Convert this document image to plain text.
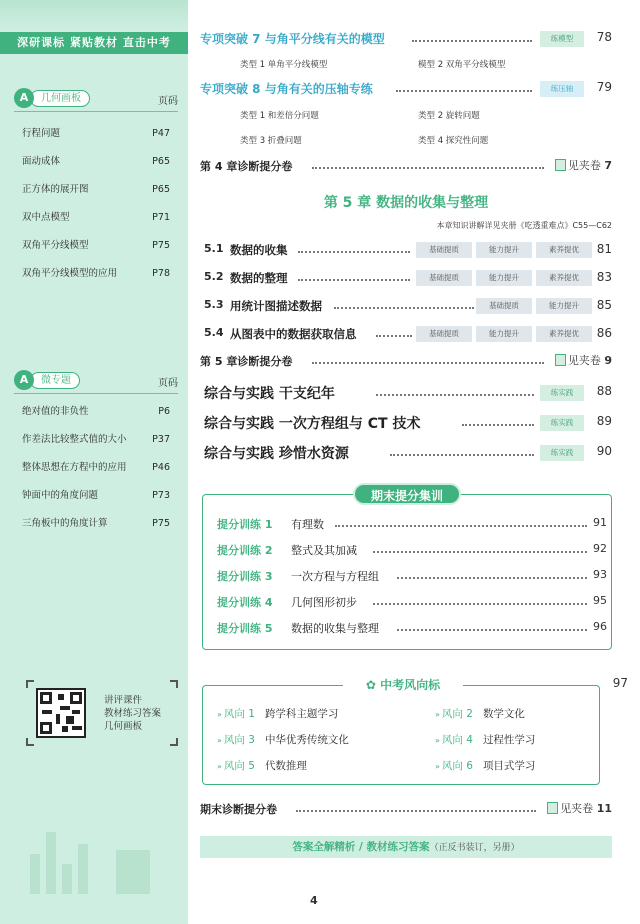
深研课标 紧贴教材 直击中考
几何画板
A	页码
行程问题	P47
面动成体	P65
正方体的展开图	P65
双中点模型	P71
双角平分线模型	P75
双角平分线模型的应用	P78
微专题
A	页码
绝对值的非负性	P6
作差法比较整式值的大小	P37
整体思想在方程中的应用	P46
钟面中的角度问题	P73
三角板中的角度计算	P75
讲评课件
教材练习答案
几何画板
专项突破 7 与角平分线有关的模型	练模型	78
类型 1 单角平分线模型	模型 2 双角平分线模型
专项突破 8 与角有关的压轴专练	练压轴	79
类型 1 和差倍分问题	类型 2 旋转问题
类型 3 折叠问题	类型 4 探究性问题
第 4 章诊断提分卷	见夹卷 7
第 5 章 数据的收集与整理
本章知识讲解详见夹册《吃透重难点》C55—C62
5.1 数据的收集	基础提质	能力提升	素养提优	81
5.2 数据的整理	基础提质	能力提升	素养提优	83
5.3 用统计图描述数据	基础提质	能力提升	85
5.4 从图表中的数据获取信息	基础提质	能力提升	素养提优	86
第 5 章诊断提分卷	见夹卷 9
综合与实践 干支纪年	练实践	88
综合与实践 一次方程组与 CT 技术	练实践	89
综合与实践 珍惜水资源	练实践	90
期末提分集训
提分训练 1 有理数	91
提分训练 2 整式及其加减	92
提分训练 3 一次方程与方程组	93
提分训练 4 几何图形初步	95
提分训练 5 数据的收集与整理	96
97
✿ 中考风向标
» 风向 1 跨学科主题学习	» 风向 2 数学文化
» 风向 3 中华优秀传统文化	» 风向 4 过程性学习
» 风向 5 代数推理	» 风向 6 项目式学习
期末诊断提分卷	见夹卷 11
答案全解精析 / 教材练习答案（正反书装订，另册）
4
